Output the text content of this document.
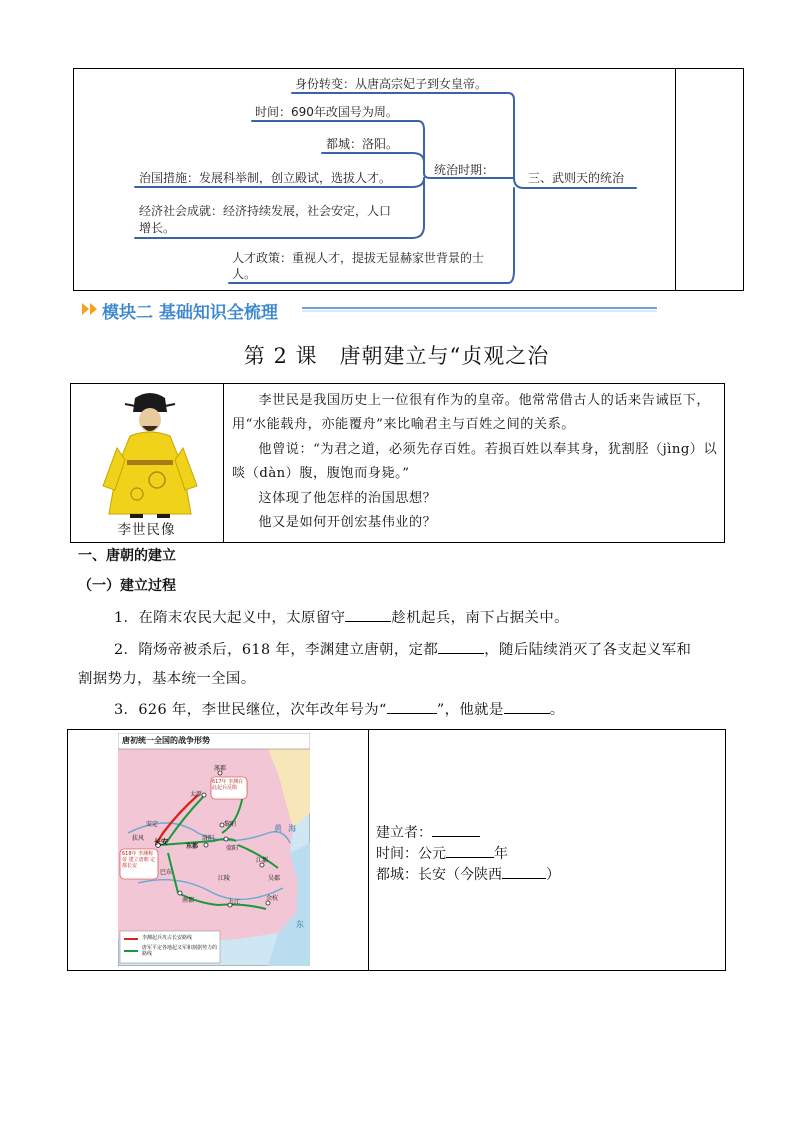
身份转变：从唐高宗妃子到女皇帝。
时间：690年改国号为周。
都城：洛阳。
治国措施：发展科举制，创立殿试，选拔人才。
经济社会成就：经济持续发展，社会安定，人口
增长。
人才政策：重视人才，提拔无显赫家世背景的士
人。
统治时期：
三、武则天的统治
模块二 基础知识全梳理
第 2 课　唐朝建立与“贞观之治
李世民像

李世民是我国历史上一位很有作为的皇帝。他常常借古人的话来告诫臣下，用“水能载舟，亦能覆舟”来比喻君主与百姓之间的关系。

他曾说：“为君之道，必须先存百姓。若损百姓以奉其身，犹割胫（jìng）以啖（dàn）腹，腹饱而身毙。”

这体现了他怎样的治国思想？

他又是如何开创宏基伟业的？

一、唐朝的建立
（一）建立过程
1．在隋末农民大起义中，太原留守	趁机起兵，南下占据关中。
2．隋炀帝被杀后，618 年，李渊建立唐朝，定都	，随后陆续消灭了各支起义军和
割据势力，基本统一全国。
3．626 年，李世民继位，次年改年号为“	”，他就是	。
唐初统一全国的战争形势
涿郡
太原
617年 李渊在此起兵反隋
安定
扶风 长安
东都
洛阳
黎阳
荥阳
618年 李渊称帝 建立唐朝 定都长安
巴东
江陵
江都
吴郡
南郡	九江
余杭
黄 海
东
李渊起兵攻占长安路线
唐军平定各地起义军和割据势力的路线
建立者：
时间：公元	年
都城：长安（今陕西	）
